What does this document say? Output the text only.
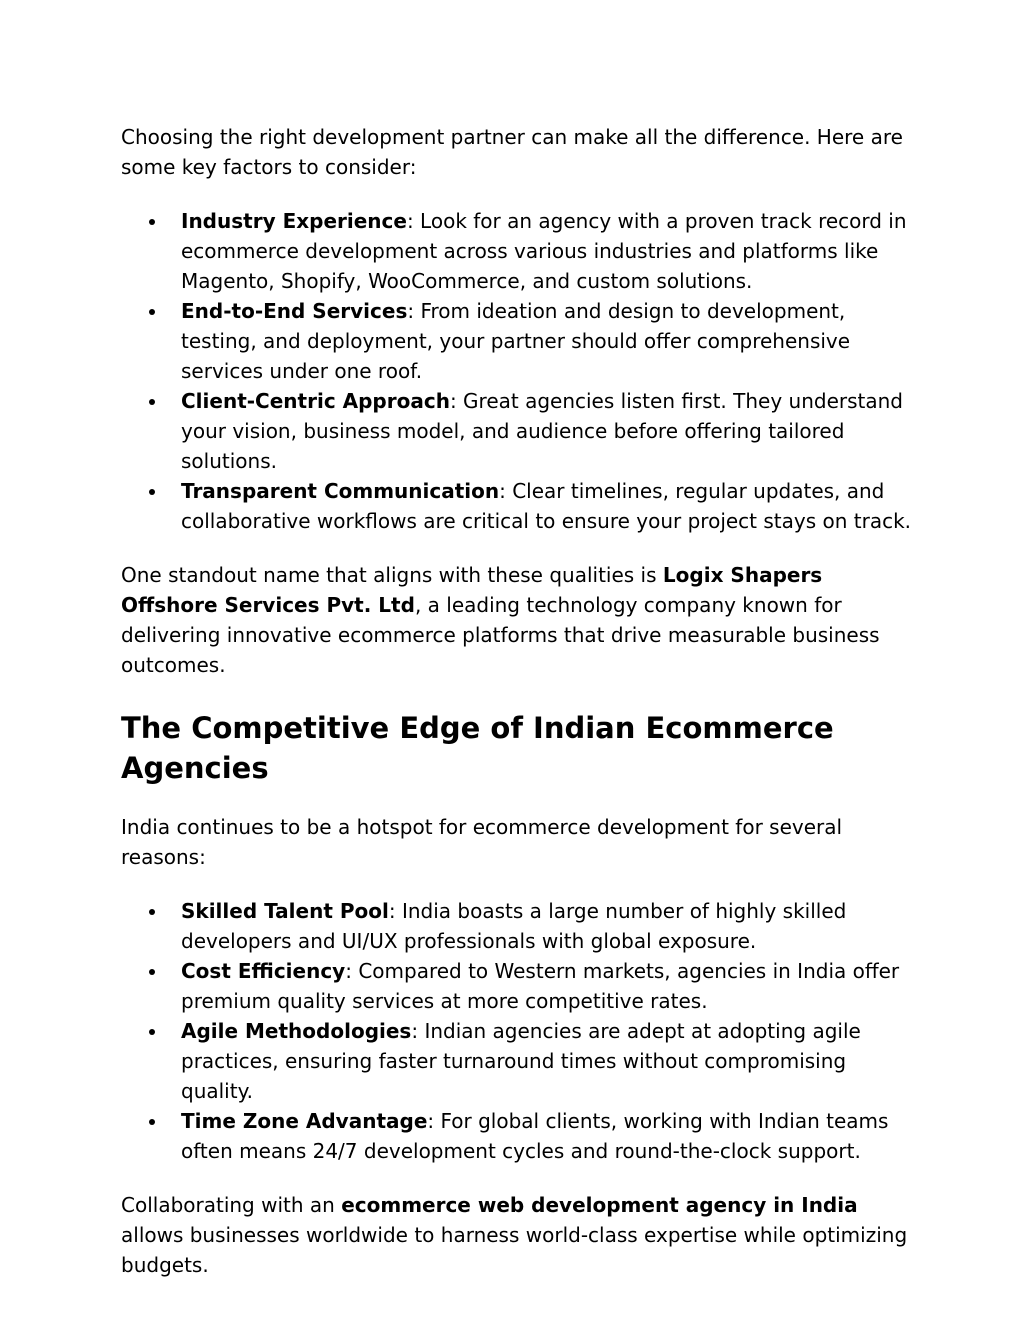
Choosing the right development partner can make all the difference. Here are some key factors to consider:

Industry Experience: Look for an agency with a proven track record in ecommerce development across various industries and platforms like Magento, Shopify, WooCommerce, and custom solutions.
End-to-End Services: From ideation and design to development, testing, and deployment, your partner should offer comprehensive services under one roof.
Client-Centric Approach: Great agencies listen first. They understand your vision, business model, and audience before offering tailored solutions.
Transparent Communication: Clear timelines, regular updates, and collaborative workflows are critical to ensure your project stays on track.

One standout name that aligns with these qualities is Logix Shapers Offshore Services Pvt. Ltd, a leading technology company known for delivering innovative ecommerce platforms that drive measurable business outcomes.

The Competitive Edge of Indian Ecommerce Agencies

India continues to be a hotspot for ecommerce development for several reasons:

Skilled Talent Pool: India boasts a large number of highly skilled developers and UI/UX professionals with global exposure.
Cost Efficiency: Compared to Western markets, agencies in India offer premium quality services at more competitive rates.
Agile Methodologies: Indian agencies are adept at adopting agile practices, ensuring faster turnaround times without compromising quality.
Time Zone Advantage: For global clients, working with Indian teams often means 24/7 development cycles and round-the-clock support.

Collaborating with an ecommerce web development agency in India allows businesses worldwide to harness world-class expertise while optimizing budgets.
